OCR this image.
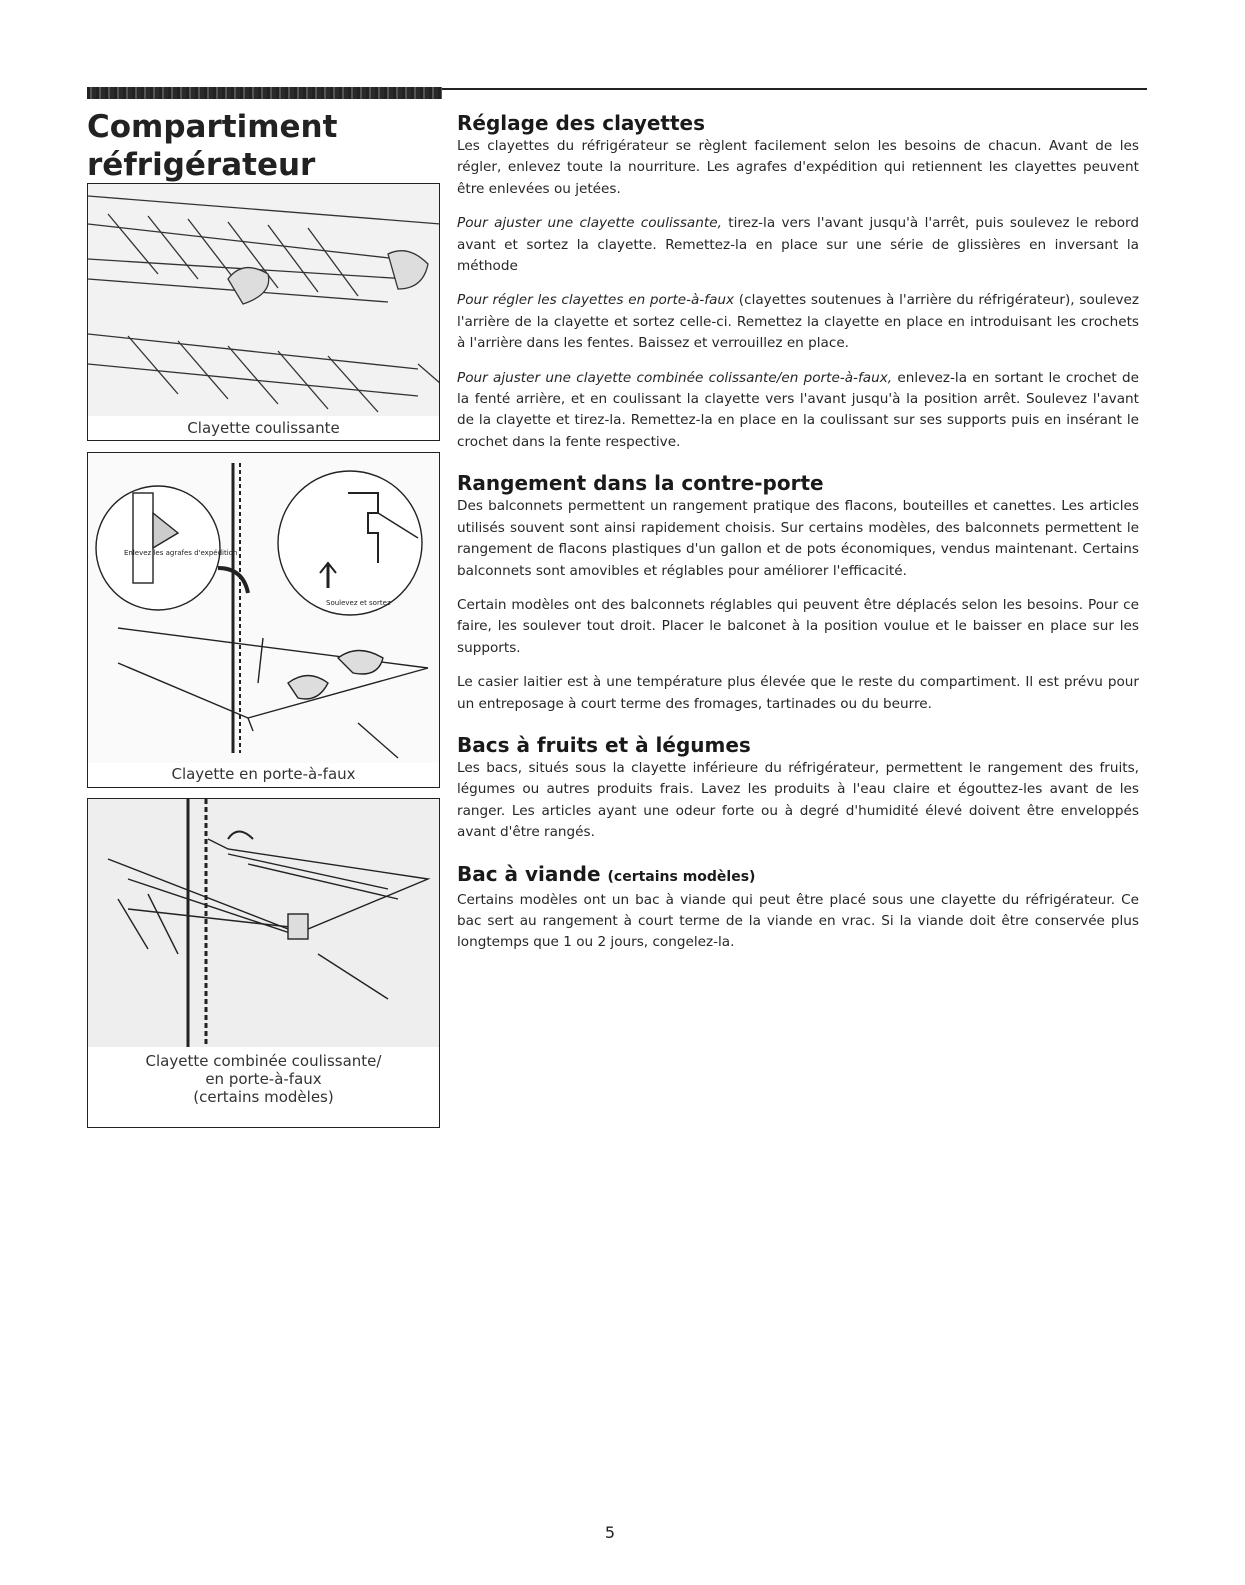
Compartiment réfrigérateur
Clayette coulissante
Enlevez les agrafes d'expédition
Soulevez et sortez
Clayette en porte-à-faux
Clayette combinée coulissante/
en porte-à-faux
(certains modèles)
Réglage des clayettes

Les clayettes du réfrigérateur se règlent facilement selon les besoins de chacun. Avant de les régler, enlevez toute la nourriture. Les agrafes d'expédition qui retiennent les clayettes peuvent être enlevées ou jetées.

Pour ajuster une clayette coulissante, tirez-la vers l'avant jusqu'à l'arrêt, puis soulevez le rebord avant et sortez la clayette. Remettez-la en place sur une série de glissières en inversant la méthode

Pour régler les clayettes en porte-à-faux (clayettes soutenues à l'arrière du réfrigérateur), soulevez l'arrière de la clayette et sortez celle-ci. Remettez la clayette en place en introduisant les crochets à l'arrière dans les fentes. Baissez et verrouillez en place.

Pour ajuster une clayette combinée colissante/en porte-à-faux, enlevez-la en sortant le crochet de la fenté arrière, et en coulissant la clayette vers l'avant jusqu'à la position arrêt. Soulevez l'avant de la clayette et tirez-la. Remettez-la en place en la coulissant sur ses supports puis en insérant le crochet dans la fente respective.

Rangement dans la contre-porte

Des balconnets permettent un rangement pratique des flacons, bouteilles et canettes. Les articles utilisés souvent sont ainsi rapidement choisis. Sur certains modèles, des balconnets permettent le rangement de flacons plastiques d'un gallon et de pots économiques, vendus maintenant. Certains balconnets sont amovibles et réglables pour améliorer l'efficacité.

Certain modèles ont des balconnets réglables qui peuvent être déplacés selon les besoins. Pour ce faire, les soulever tout droit. Placer le balconet à la position voulue et le baisser en place sur les supports.

Le casier laitier est à une température plus élevée que le reste du compartiment. Il est prévu pour un entreposage à court terme des fromages, tartinades ou du beurre.

Bacs à fruits et à légumes

Les bacs, situés sous la clayette inférieure du réfrigérateur, permettent le rangement des fruits, légumes ou autres produits frais. Lavez les produits à l'eau claire et égouttez-les avant de les ranger. Les articles ayant une odeur forte ou à degré d'humidité élevé doivent être enveloppés avant d'être rangés.

Bac à viande (certains modèles)

Certains modèles ont un bac à viande qui peut être placé sous une clayette du réfrigérateur. Ce bac sert au rangement à court terme de la viande en vrac. Si la viande doit être conservée plus longtemps que 1 ou 2 jours, congelez-la.

5
